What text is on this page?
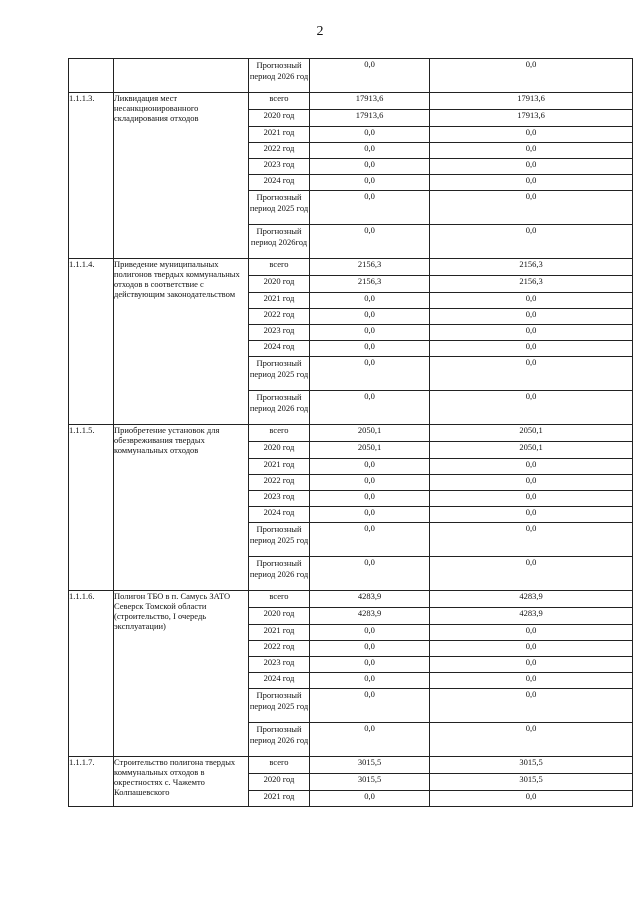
2
		Прогнозный период 2026 год	0,0	0,0
1.1.1.3.	Ликвидация мест несанкционированного складирования отходов	всего	17913,6	17913,6
		2020 год	17913,6	17913,6
		2021 год	0,0	0,0
		2022 год	0,0	0,0
		2023 год	0,0	0,0
		2024 год	0,0	0,0
		Прогнозный период 2025 год	0,0	0,0
		Прогнозный период 2026год	0,0	0,0
1.1.1.4.	Приведение муниципальных полигонов твердых коммунальных отходов в соответствие с действующим законодательством	всего	2156,3	2156,3
		2020 год	2156,3	2156,3
		2021 год	0,0	0,0
		2022 год	0,0	0,0
		2023 год	0,0	0,0
		2024 год	0,0	0,0
		Прогнозный период 2025 год	0,0	0,0
		Прогнозный период 2026 год	0,0	0,0
1.1.1.5.	Приобретение установок для обезвреживания твердых коммунальных отходов	всего	2050,1	2050,1
		2020 год	2050,1	2050,1
		2021 год	0,0	0,0
		2022 год	0,0	0,0
		2023 год	0,0	0,0
		2024 год	0,0	0,0
		Прогнозный период 2025 год	0,0	0,0
		Прогнозный период 2026 год	0,0	0,0
1.1.1.6.	Полигон ТБО в п. Самусь ЗАТО Северск Томской области (строительство, I очередь эксплуатации)	всего	4283,9	4283,9
		2020 год	4283,9	4283,9
		2021 год	0,0	0,0
		2022 год	0,0	0,0
		2023 год	0,0	0,0
		2024 год	0,0	0,0
		Прогнозный период 2025 год	0,0	0,0
		Прогнозный период 2026 год	0,0	0,0
1.1.1.7.	Строительство полигона твердых коммунальных отходов в окрестностях с. Чажемто Колпашевского	всего	3015,5	3015,5
		2020 год	3015,5	3015,5
		2021 год	0,0	0,0
